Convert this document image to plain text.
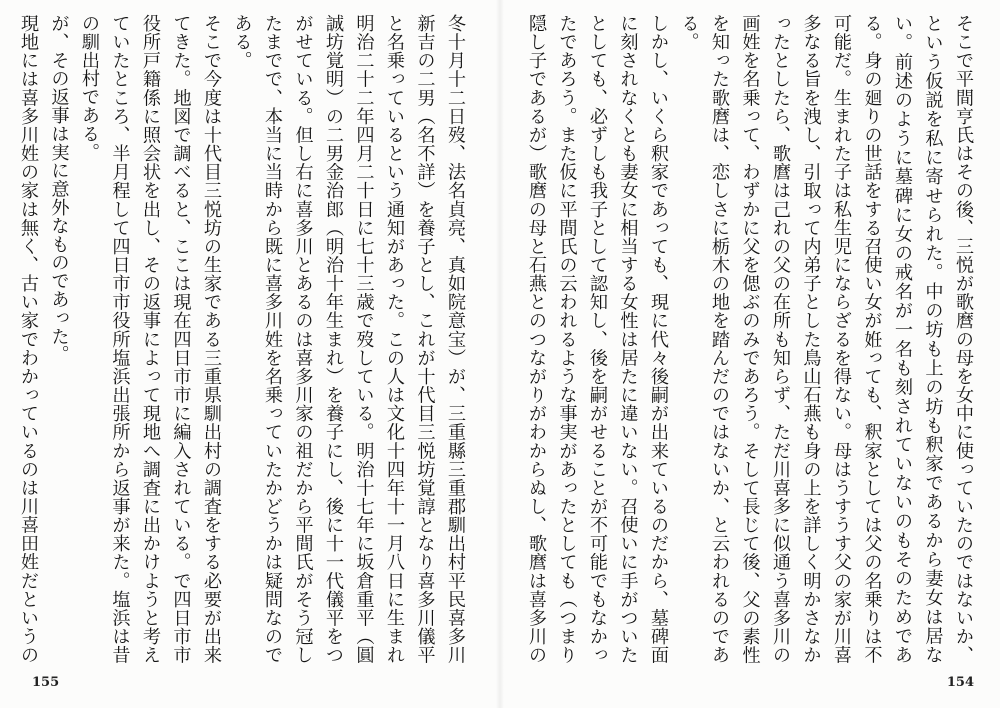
冬十月十二日歿、法名貞亮、真如院意宝）が、三重縣三重郡馴出村平民喜多川新吉の二男（名不詳）を養子とし、これが十代目三悦坊覚諄となり喜多川儀平と名乗っているという通知があった。この人は文化十四年十一月八日に生まれ明治二十二年四月二十日に七十三歳で歿している。明治十七年に坂倉重平（圓誠坊覚明）の二男金治郎（明治十年生まれ）を養子にし、後に十一代儀平をつがせている。但し右に喜多川とあるのは喜多川家の祖だから平間氏がそう冠したまでで、本当に当時から既に喜多川姓を名乗っていたかどうかは疑問なのである。

そこで今度は十代目三悦坊の生家である三重県馴出村の調査をする必要が出来てきた。地図で調べると、ここは現在四日市市に編入されている。で四日市市役所戸籍係に照会状を出し、その返事によって現地へ調査に出かけようと考えていたところ、半月程して四日市市役所塩浜出張所から返事が来た。塩浜は昔の馴出村である。

が、その返事は実に意外なものであった。

現地には喜多川姓の家は無く、古い家でわかっているのは川喜田姓だというの

155

そこで平間亨氏はその後、三悦が歌麿の母を女中に使っていたのではないか、という仮説を私に寄せられた。中の坊も上の坊も釈家であるから妻女は居ない。前述のように墓碑に女の戒名が一名も刻されていないのもそのためである。身の廻りの世話をする召使い女が姙っても、釈家としては父の名乗りは不可能だ。生まれた子は私生児にならざるを得ない。母はうすうす父の家が川喜多なる旨を洩し、引取って内弟子とした鳥山石燕も身の上を詳しく明かさなかったとしたら、歌麿は己れの父の在所も知らず、ただ川喜多に似通う喜多川の画姓を名乗って、わずかに父を偲ぶのみであろう。そして長じて後、父の素性を知った歌麿は、恋しさに栃木の地を踏んだのではないか、と云われるのである。

しかし、いくら釈家であっても、現に代々後嗣が出来ているのだから、墓碑面に刻されなくとも妻女に相当する女性は居たに違いない。召使いに手がついたとしても、必ずしも我子として認知し、後を嗣がせることが不可能でもなかったであろう。また仮に平間氏の云われるような事実があったとしても（つまり隠し子であるが）歌麿の母と石燕とのつながりがわからぬし、歌麿は喜多川の

154
